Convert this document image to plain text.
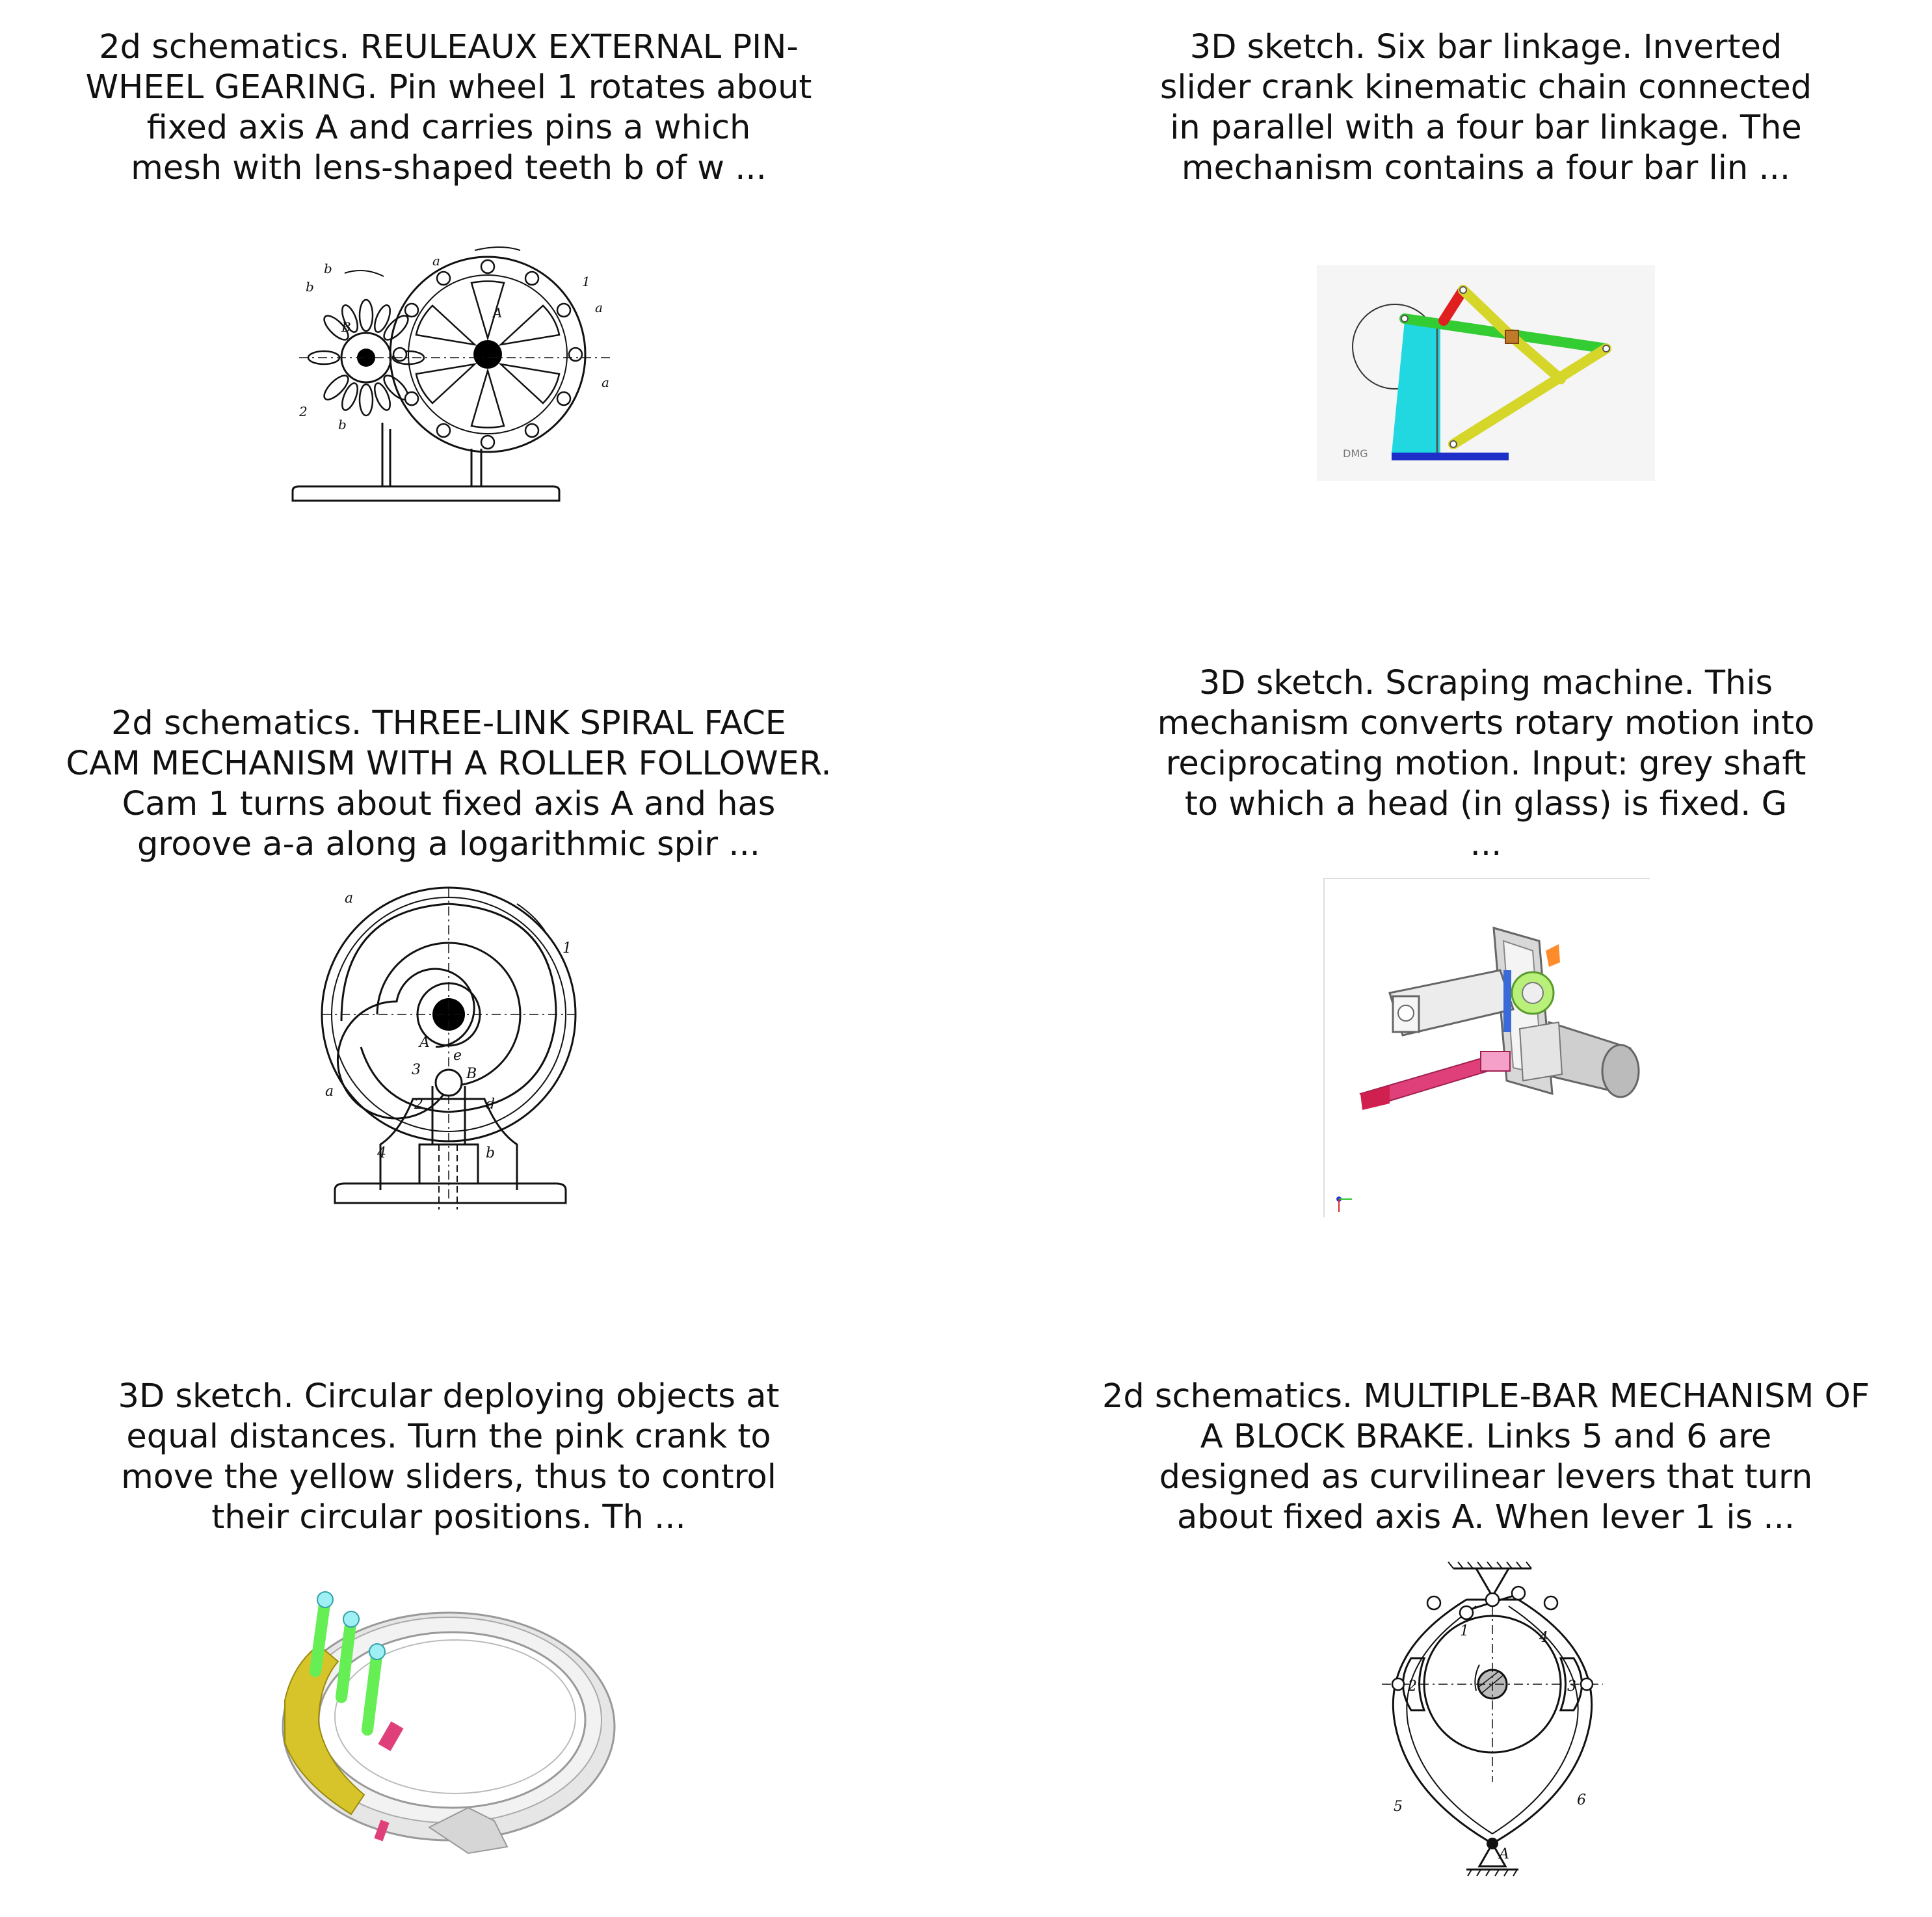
2d schematics. REULEAUX EXTERNAL PIN-
WHEEL GEARING. Pin wheel 1 rotates about
fixed axis A and carries pins a which
mesh with lens-shaped teeth b of w ...
b
b
b
a
a
a
1
2
A
B
3D sketch. Six bar linkage. Inverted
slider crank kinematic chain connected
in parallel with a four bar linkage. The
mechanism contains a four bar lin ...
DMG
2d schematics. THREE-LINK SPIRAL FACE
CAM MECHANISM WITH A ROLLER FOLLOWER.
Cam 1 turns about fixed axis A and has
groove a-a along a logarithmic spir ...
a
a
1
A
B
3
2	d
e
4	b
3D sketch. Scraping machine. This
mechanism converts rotary motion into
reciprocating motion. Input: grey shaft
to which a head (in glass) is fixed. G
...
3D sketch. Circular deploying objects at
equal distances. Turn the pink crank to
move the yellow sliders, thus to control
their circular positions. Th ...
2d schematics. MULTIPLE-BAR MECHANISM OF
A BLOCK BRAKE. Links 5 and 6 are
designed as curvilinear levers that turn
about fixed axis A. When lever 1 is ...
1
2	3
4
5	6
A
